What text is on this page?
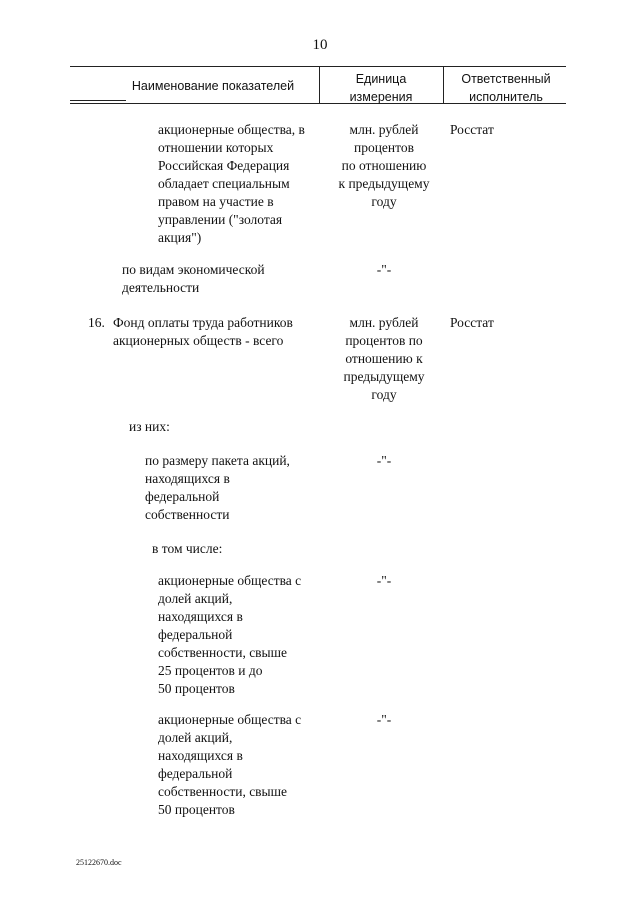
10
Наименование показателей	Единица
измерения
Ответственный
исполнитель
акционерные общества, в
отношении которых
Российская Федерация
обладает специальным
правом на участие в
управлении ("золотая
акция")
млн. рублей
процентов
по отношению
к предыдущему
году
Росстат
по видам экономической
деятельности
-"-
16. Фонд оплаты труда работников
акционерных обществ - всего
млн. рублей
процентов по
отношению к
предыдущему
году
Росстат
из них:
по размеру пакета акций,
находящихся в
федеральной
собственности
-"-
в том числе:
акционерные общества с
долей акций,
находящихся в
федеральной
собственности, свыше
25 процентов и до
50 процентов
-"-
акционерные общества с
долей акций,
находящихся в
федеральной
собственности, свыше
50 процентов
-"-
25122670.doc
